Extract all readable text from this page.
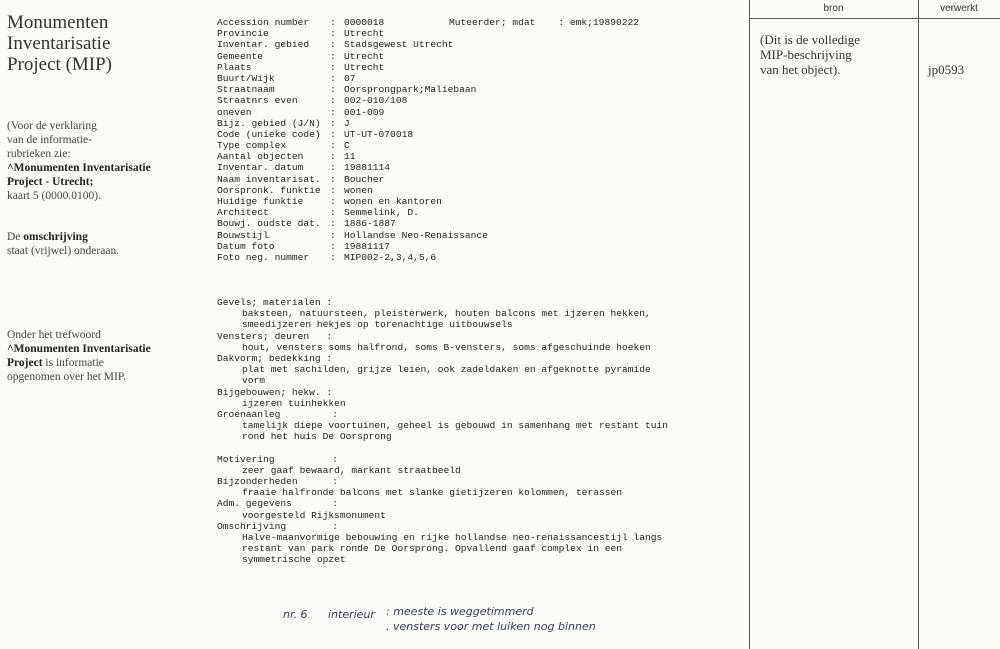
Monumenten
Inventarisatie
Project (MIP)
(Voor de verklaring
van de informatie-
rubrieken zie:
^Monumenten Inventarisatie
Project - Utrecht;
kaart 5 (0000.0100).
De omschrijving
staat (vrijwel) onderaan.
Onder het trefwoord
^Monumenten Inventarisatie
Project is informatie
opgenomen over het MIP.
Muteerder; mdat    : emk;19890222
Accession number	: 0000018
Provincie	: Utrecht
Inventar. gebied	: Stadsgewest Utrecht
Gemeente	: Utrecht
Plaats	: Utrecht
Buurt/Wijk	: 07
Straatnaam	: Oorsprongpark;Maliebaan
Straatnrs even	: 002-010/108
oneven	: 001-009
Bijz. gebied (J/N) : J
Code (unieke code) : UT-UT-070018
Type complex	: C
Aantal objecten	: 11
Inventar. datum	: 19881114
Naam inventarisat. : Boucher
Oorspronk. funktie : wonen
Huidige funktie	: wonen en kantoren
Architect	: Semmelink, D.
Bouwj. oudste dat. : 1886-1887
Bouwstijl	: Hollandse Neo-Renaissance
Datum foto	: 19881117
Foto neg. nummer	: MIP002-2,3,4,5,6
Gevels; materialen :
baksteen, natuursteen, pleisterwerk, houten balcons met ijzeren hekken,
smeedijzeren hekjes op torenachtige uitbouwsels
Vensters; deuren   :
hout, vensters soms halfrond, soms B-vensters, soms afgeschuinde hoeken
Dakvorm; bedekking :
plat met sachilden, grijze leien, ook zadeldaken en afgeknotte pyramide
vorm
Bijgebouwen; hekw. :
ijzeren tuinhekken
Groenaanleg         :
tamelijk diepe voortuinen, geheel is gebouwd in samenhang met restant tuin
rond het huis De Oorsprong
Motivering          :
zeer gaaf bewaard, markant straatbeeld
Bijzonderheden      :
fraaie halfronde balcons met slanke gietijzeren kolommen, terassen
Adm. gegevens       :
voorgesteld Rijksmonument
Omschrijving        :
Halve-maanvormige bebouwing en rijke hollandse neo-renaissancestijl langs
restant van park ronde De Oorsprong. Opvallend gaaf complex in een
symmetrische opzet
nr. 6 interieur : meeste is weggetimmerd
. vensters voor met luiken nog binnen
bron	verwerkt
(Dit is de volledige
MIP-beschrijving
van het object).	jp0593
